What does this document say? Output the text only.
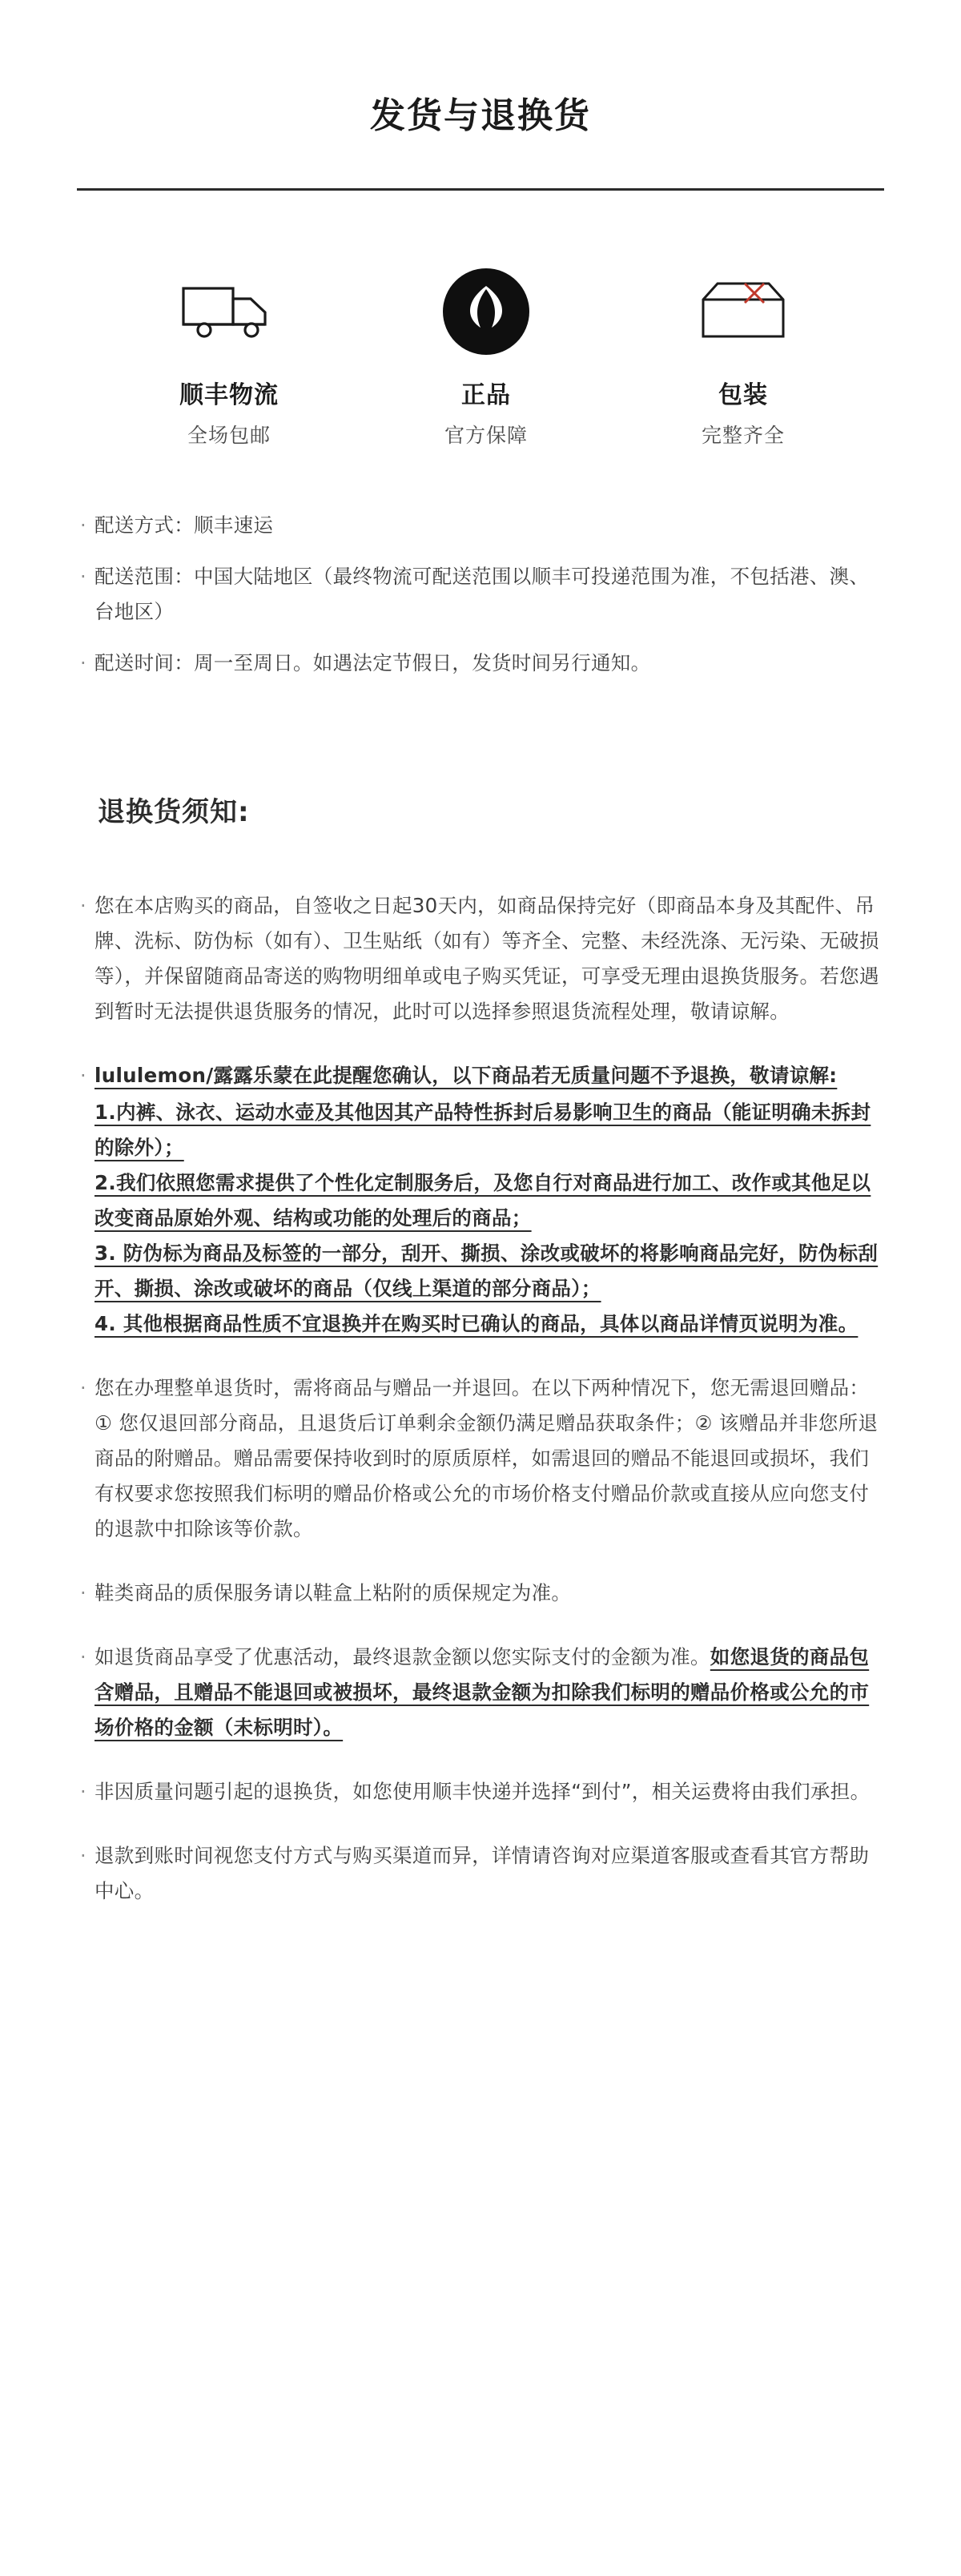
发货与退换货
顺丰物流
全场包邮
正品
官方保障
包装
完整齐全
· 配送方式：顺丰速运
· 配送范围：中国大陆地区（最终物流可配送范围以顺丰可投递范围为准，不包括港、澳、台地区）
· 配送时间：周一至周日。如遇法定节假日，发货时间另行通知。
退换货须知:
· 您在本店购买的商品，自签收之日起30天内，如商品保持完好（即商品本身及其配件、吊牌、洗标、防伪标（如有）、卫生贴纸（如有）等齐全、完整、未经洗涤、无污染、无破损等），并保留随商品寄送的购物明细单或电子购买凭证，可享受无理由退换货服务。若您遇到暂时无法提供退货服务的情况，此时可以选择参照退货流程处理，敬请谅解。
· lululemon/露露乐蒙在此提醒您确认，以下商品若无质量问题不予退换，敬请谅解:
1.内裤、泳衣、运动水壶及其他因其产品特性拆封后易影响卫生的商品（能证明确未拆封的除外）；
2.我们依照您需求提供了个性化定制服务后，及您自行对商品进行加工、改作或其他足以改变商品原始外观、结构或功能的处理后的商品；
3. 防伪标为商品及标签的一部分，刮开、撕损、涂改或破坏的将影响商品完好，防伪标刮开、撕损、涂改或破坏的商品（仅线上渠道的部分商品）；
4. 其他根据商品性质不宜退换并在购买时已确认的商品，具体以商品详情页说明为准。
· 您在办理整单退货时，需将商品与赠品一并退回。在以下两种情况下，您无需退回赠品：① 您仅退回部分商品，且退货后订单剩余金额仍满足赠品获取条件；② 该赠品并非您所退商品的附赠品。赠品需要保持收到时的原质原样，如需退回的赠品不能退回或损坏，我们有权要求您按照我们标明的赠品价格或公允的市场价格支付赠品价款或直接从应向您支付的退款中扣除该等价款。
· 鞋类商品的质保服务请以鞋盒上粘附的质保规定为准。
· 如退货商品享受了优惠活动，最终退款金额以您实际支付的金额为准。如您退货的商品包含赠品，且赠品不能退回或被损坏，最终退款金额为扣除我们标明的赠品价格或公允的市场价格的金额（未标明时）。
· 非因质量问题引起的退换货，如您使用顺丰快递并选择“到付”，相关运费将由我们承担。
· 退款到账时间视您支付方式与购买渠道而异，详情请咨询对应渠道客服或查看其官方帮助中心。
